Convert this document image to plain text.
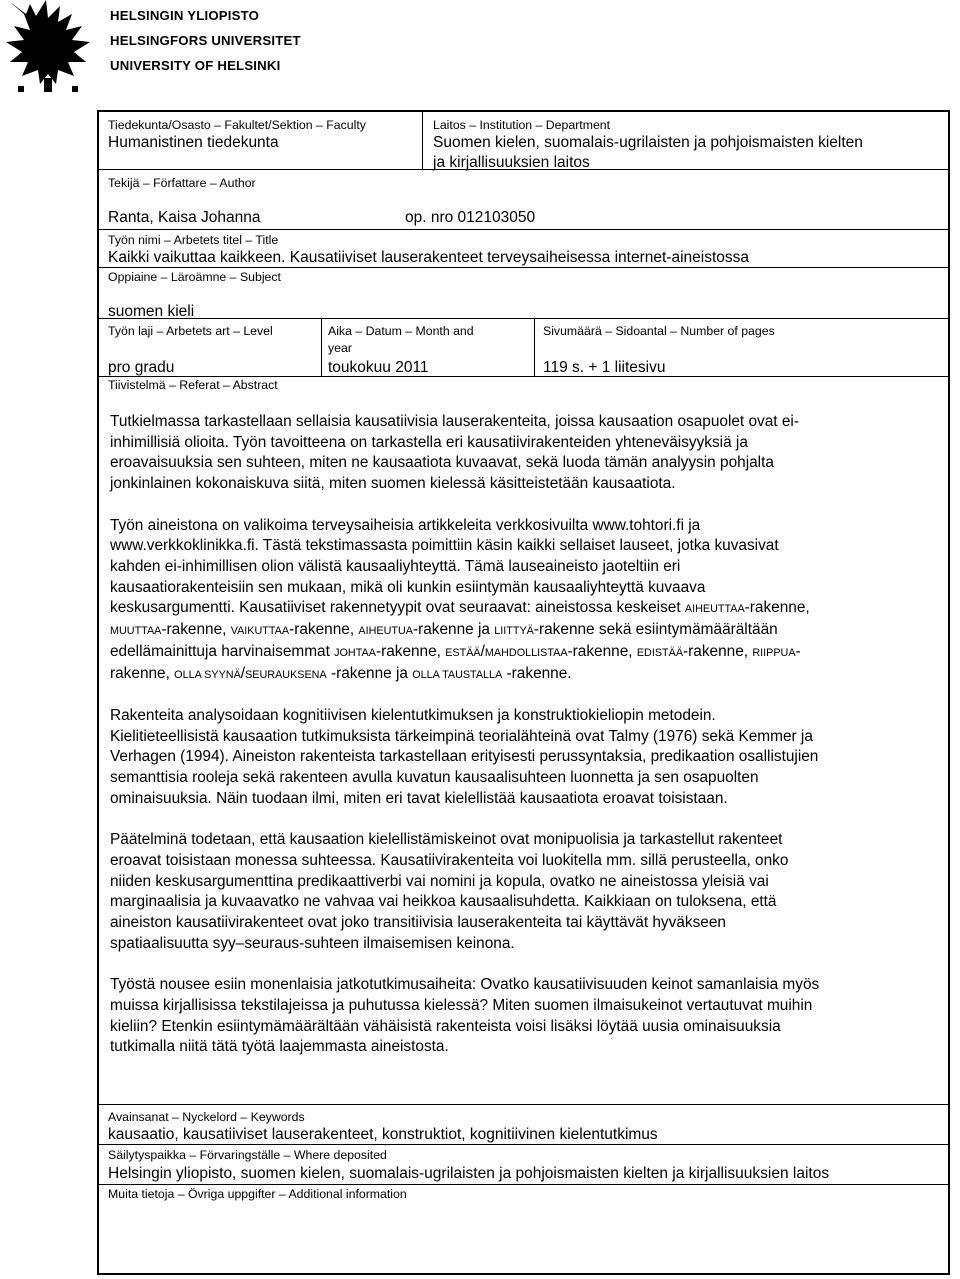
HELSINGIN YLIOPISTO
HELSINGFORS UNIVERSITET
UNIVERSITY OF HELSINKI
Tiedekunta/Osasto – Fakultet/Sektion – Faculty
Humanistinen tiedekunta
Laitos – Institution – Department
Suomen kielen, suomalais-ugrilaisten ja pohjoismaisten kielten
ja kirjallisuuksien laitos
Tekijä – Författare – Author
Ranta, Kaisa Johanna	op. nro 012103050
Työn nimi – Arbetets titel – Title
Kaikki vaikuttaa kaikkeen. Kausatiiviset lauserakenteet terveysaiheisessa internet-aineistossa
Oppiaine – Läroämne – Subject
suomen kieli
Työn laji – Arbetets art – Level
pro gradu
Aika – Datum – Month and
year
toukokuu 2011
Sivumäärä – Sidoantal – Number of pages
119 s. + 1 liitesivu
Tiivistelmä – Referat – Abstract

Tutkielmassa tarkastellaan sellaisia kausatiivisia lauserakenteita, joissa kausaation osapuolet ovat ei-
inhimillisiä olioita. Työn tavoitteena on tarkastella eri kausatiivirakenteiden yhteneväisyyksiä ja
eroavaisuuksia sen suhteen, miten ne kausaatiota kuvaavat, sekä luoda tämän analyysin pohjalta
jonkinlainen kokonaiskuva siitä, miten suomen kielessä käsitteistetään kausaatiota.

Työn aineistona on valikoima terveysaiheisia artikkeleita verkkosivuilta www.tohtori.fi ja
www.verkkoklinikka.fi. Tästä tekstimassasta poimittiin käsin kaikki sellaiset lauseet, jotka kuvasivat
kahden ei-inhimillisen olion välistä kausaaliyhteyttä. Tämä lauseaineisto jaoteltiin eri
kausaatiorakenteisiin sen mukaan, mikä oli kunkin esiintymän kausaaliyhteyttä kuvaava
keskusargumentti. Kausatiiviset rakennetyypit ovat seuraavat: aineistossa keskeiset AIHEUTTAA-rakenne,
MUUTTAA-rakenne, VAIKUTTAA-rakenne, AIHEUTUA-rakenne ja LIITTYÄ-rakenne sekä esiintymämäärältään
edellämainittuja harvinaisemmat JOHTAA-rakenne, ESTÄÄ/MAHDOLLISTAA-rakenne, EDISTÄÄ-rakenne, RIIPPUA-
rakenne, OLLA SYYNÄ/SEURAUKSENA -rakenne ja OLLA TAUSTALLA -rakenne.

Rakenteita analysoidaan kognitiivisen kielentutkimuksen ja konstruktiokieliopin metodein.
Kielitieteellisistä kausaation tutkimuksista tärkeimpinä teorialähteinä ovat Talmy (1976) sekä Kemmer ja
Verhagen (1994). Aineiston rakenteista tarkastellaan erityisesti perussyntaksia, predikaation osallistujien
semanttisia rooleja sekä rakenteen avulla kuvatun kausaalisuhteen luonnetta ja sen osapuolten
ominaisuuksia. Näin tuodaan ilmi, miten eri tavat kielellistää kausaatiota eroavat toisistaan.

Päätelminä todetaan, että kausaation kielellistämiskeinot ovat monipuolisia ja tarkastellut rakenteet
eroavat toisistaan monessa suhteessa. Kausatiivirakenteita voi luokitella mm. sillä perusteella, onko
niiden keskusargumenttina predikaattiverbi vai nomini ja kopula, ovatko ne aineistossa yleisiä vai
marginaalisia ja kuvaavatko ne vahvaa vai heikkoa kausaalisuhdetta. Kaikkiaan on tuloksena, että
aineiston kausatiivirakenteet ovat joko transitiivisia lauserakenteita tai käyttävät hyväkseen
spatiaalisuutta syy–seuraus-suhteen ilmaisemisen keinona.

Työstä nousee esiin monenlaisia jatkotutkimusaiheita: Ovatko kausatiivisuuden keinot samanlaisia myös
muissa kirjallisissa tekstilajeissa ja puhutussa kielessä? Miten suomen ilmaisukeinot vertautuvat muihin
kieliin? Etenkin esiintymämäärältään vähäisistä rakenteista voisi lisäksi löytää uusia ominaisuuksia
tutkimalla niitä tätä työtä laajemmasta aineistosta.

Avainsanat – Nyckelord – Keywords
kausaatio, kausatiiviset lauserakenteet, konstruktiot, kognitiivinen kielentutkimus
Säilytyspaikka – Förvaringställe – Where deposited
Helsingin yliopisto, suomen kielen, suomalais-ugrilaisten ja pohjoismaisten kielten ja kirjallisuuksien laitos
Muita tietoja – Övriga uppgifter – Additional information
